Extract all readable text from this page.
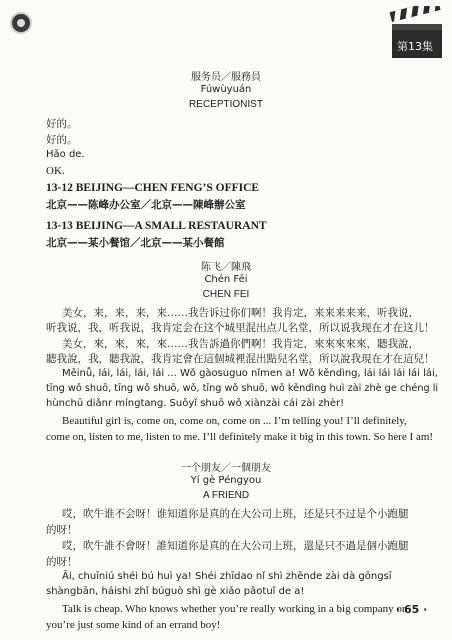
第13集
服务员／服務員
Fúwùyuán
RECEPTIONIST
好的。
好的。
Hǎo de.
OK.
13-12 BEIJING—CHEN FENG’S OFFICE
北京——陈峰办公室／北京——陳峰辦公室
13-13 BEIJING—A SMALL RESTAURANT
北京——某小餐馆／北京——某小餐館
陈飞／陳飛
Chén Fēi
CHEN FEI
美女，来，来，来，来……我告诉过你们啊！我肯定，来来来来来，听我说，
听我说，我，听我说，我肯定会在这个城里混出点儿名堂，所以说我现在才在这儿！
美女，來，來，來，來……我告訴過你們啊！我肯定，來來來來來，聽我說，
聽我說，我，聽我說，我肯定會在這個城裡混出點兒名堂，所以說我現在才在這兒！
Měinǚ, lái, lái, lái, lái ... Wǒ gàosuguo nǐmen a! Wǒ kěndìng, lái lái lái lái lái,
tīng wǒ shuō, tīng wǒ shuō, wǒ, tīng wǒ shuō, wǒ kěndìng huì zài zhè ge chéng li
hùnchū diǎnr míngtang. Suǒyǐ shuō wǒ xiànzài cái zài zhèr!
Beautiful girl is, come on, come on, come on ... I’m telling you! I’ll definitely,
come on, listen to me, listen to me. I’ll definitely make it big in this town. So here I am!
一个朋友／一個朋友
Yí gè Péngyou
A FRIEND
哎，吹牛谁不会呀！谁知道你是真的在大公司上班，还是只不过是个小跑腿
的呀！
哎，吹牛誰不會呀！誰知道你是真的在大公司上班，還是只不過是個小跑腿
的呀！
Āi, chuīniú shéi bú huì ya! Shéi zhīdao nǐ shì zhēnde zài dà gōngsī
shàngbān, háishi zhǐ búguò shì gè xiǎo pǎotuǐ de a!
Talk is cheap. Who knows whether you’re really working in a big company or
you’re just some kind of an errand boy!
· 65 ·
